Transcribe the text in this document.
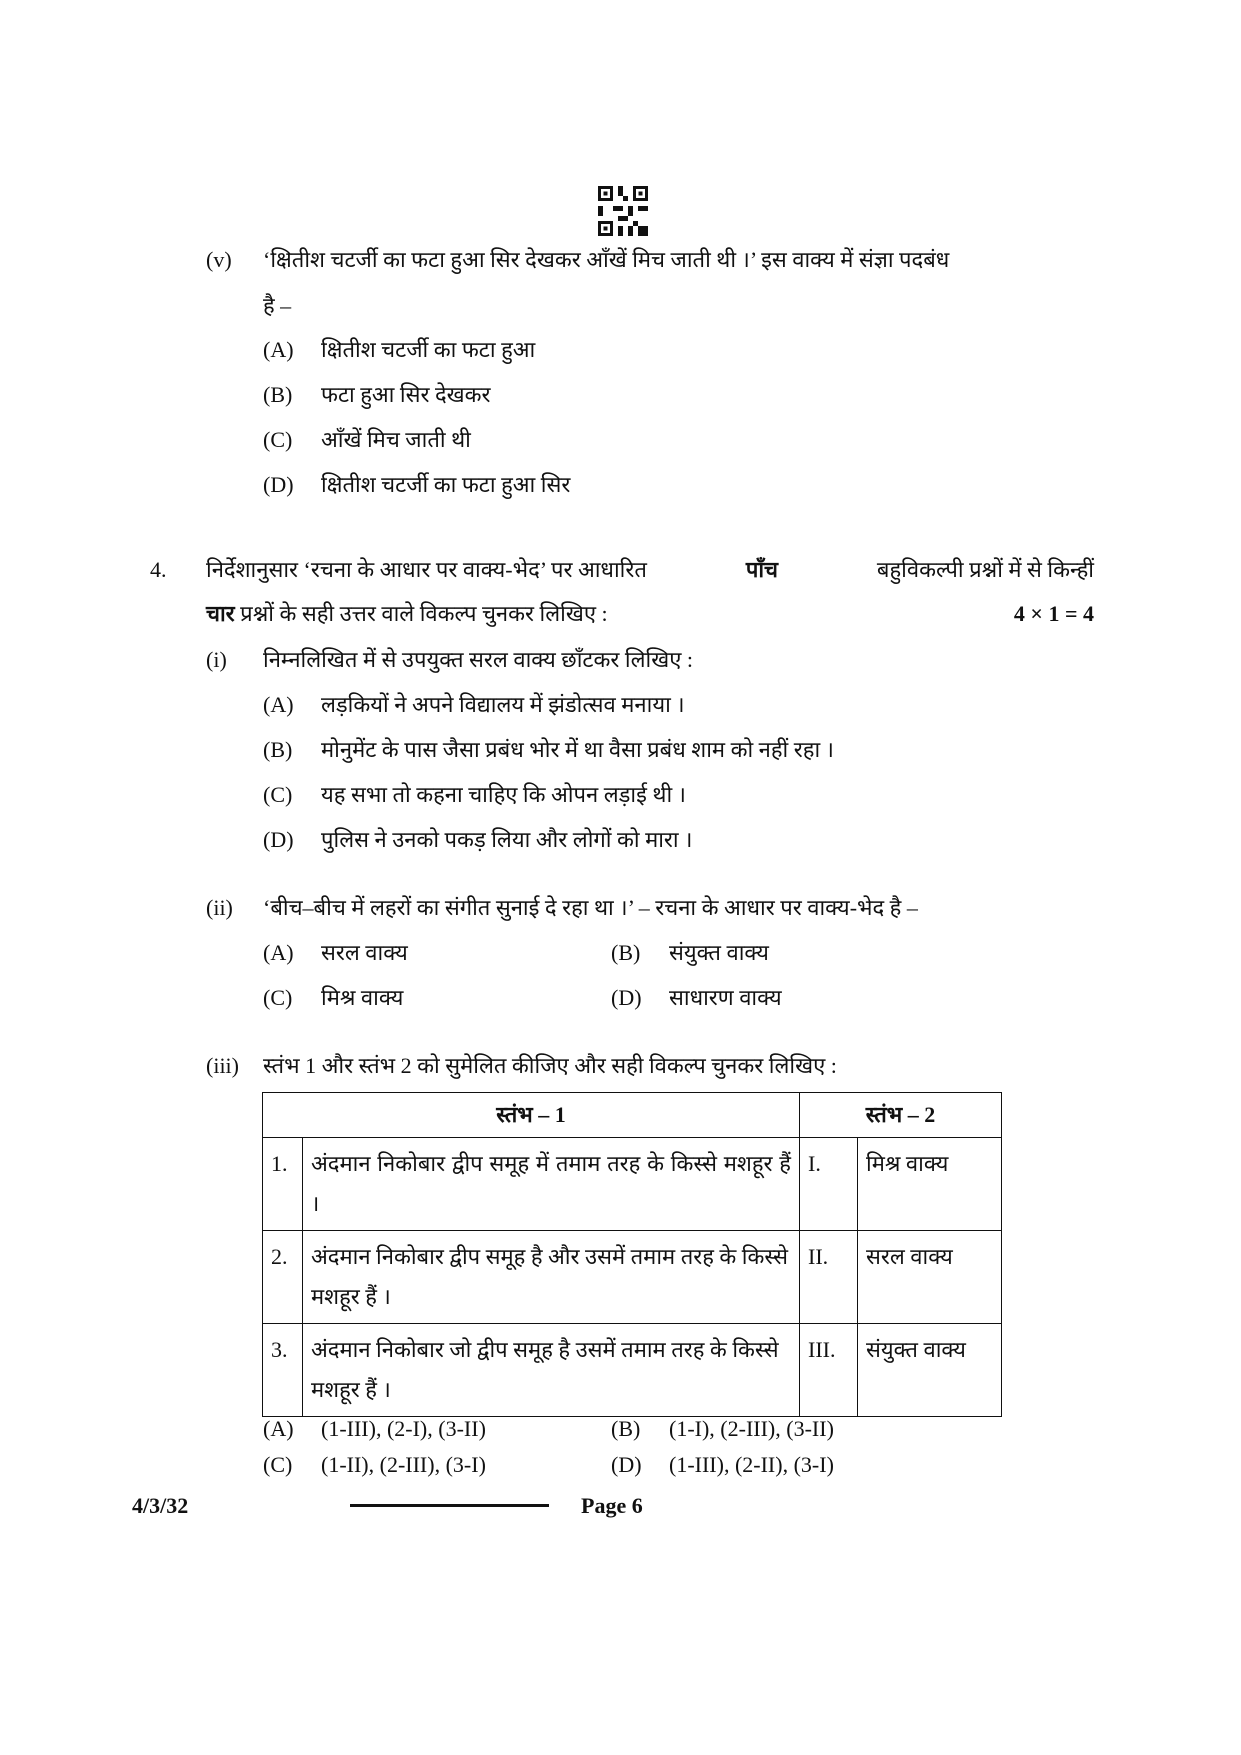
(v) ‘क्षितीश चटर्जी का फटा हुआ सिर देखकर आँखें मिच जाती थी ।’ इस वाक्य में संज्ञा पदबंध
है –
(A) क्षितीश चटर्जी का फटा हुआ
(B) फटा हुआ सिर देखकर
(C) आँखें मिच जाती थी
(D) क्षितीश चटर्जी का फटा हुआ सिर
4. निर्देशानुसार ‘रचना के आधार पर वाक्य-भेद’ पर आधारित	पाँच	बहुविकल्पी प्रश्नों में से किन्हीं
चार प्रश्नों के सही उत्तर वाले विकल्प चुनकर लिखिए :	4 × 1 = 4
(i) निम्नलिखित में से उपयुक्त सरल वाक्य छाँटकर लिखिए :
(A) लड़कियों ने अपने विद्यालय में झंडोत्सव मनाया ।
(B) मोनुमेंट के पास जैसा प्रबंध भोर में था वैसा प्रबंध शाम को नहीं रहा ।
(C) यह सभा तो कहना चाहिए कि ओपन लड़ाई थी ।
(D) पुलिस ने उनको पकड़ लिया और लोगों को मारा ।
(ii) ‘बीच–बीच में लहरों का संगीत सुनाई दे रहा था ।’ – रचना के आधार पर वाक्य-भेद है –
(A) सरल वाक्य	(B) संयुक्त वाक्य
(C) मिश्र वाक्य	(D) साधारण वाक्य
(iii) स्तंभ 1 और स्तंभ 2 को सुमेलित कीजिए और सही विकल्प चुनकर लिखिए :
स्तंभ – 1		स्तंभ – 2	
1.	अंदमान निकोबार द्वीप समूह में तमाम तरह के किस्से मशहूर हैं ।	I.	मिश्र वाक्य
2.	अंदमान निकोबार द्वीप समूह है और उसमें तमाम तरह के किस्से मशहूर हैं ।	II.	सरल वाक्य
3.	अंदमान निकोबार जो द्वीप समूह है उसमें तमाम तरह के किस्से मशहूर हैं ।	III.	संयुक्त वाक्य
(A) (1-III), (2-I), (3-II)	(B) (1-I), (2-III), (3-II)
(C) (1-II), (2-III), (3-I)	(D) (1-III), (2-II), (3-I)
4/3/32	Page 6
